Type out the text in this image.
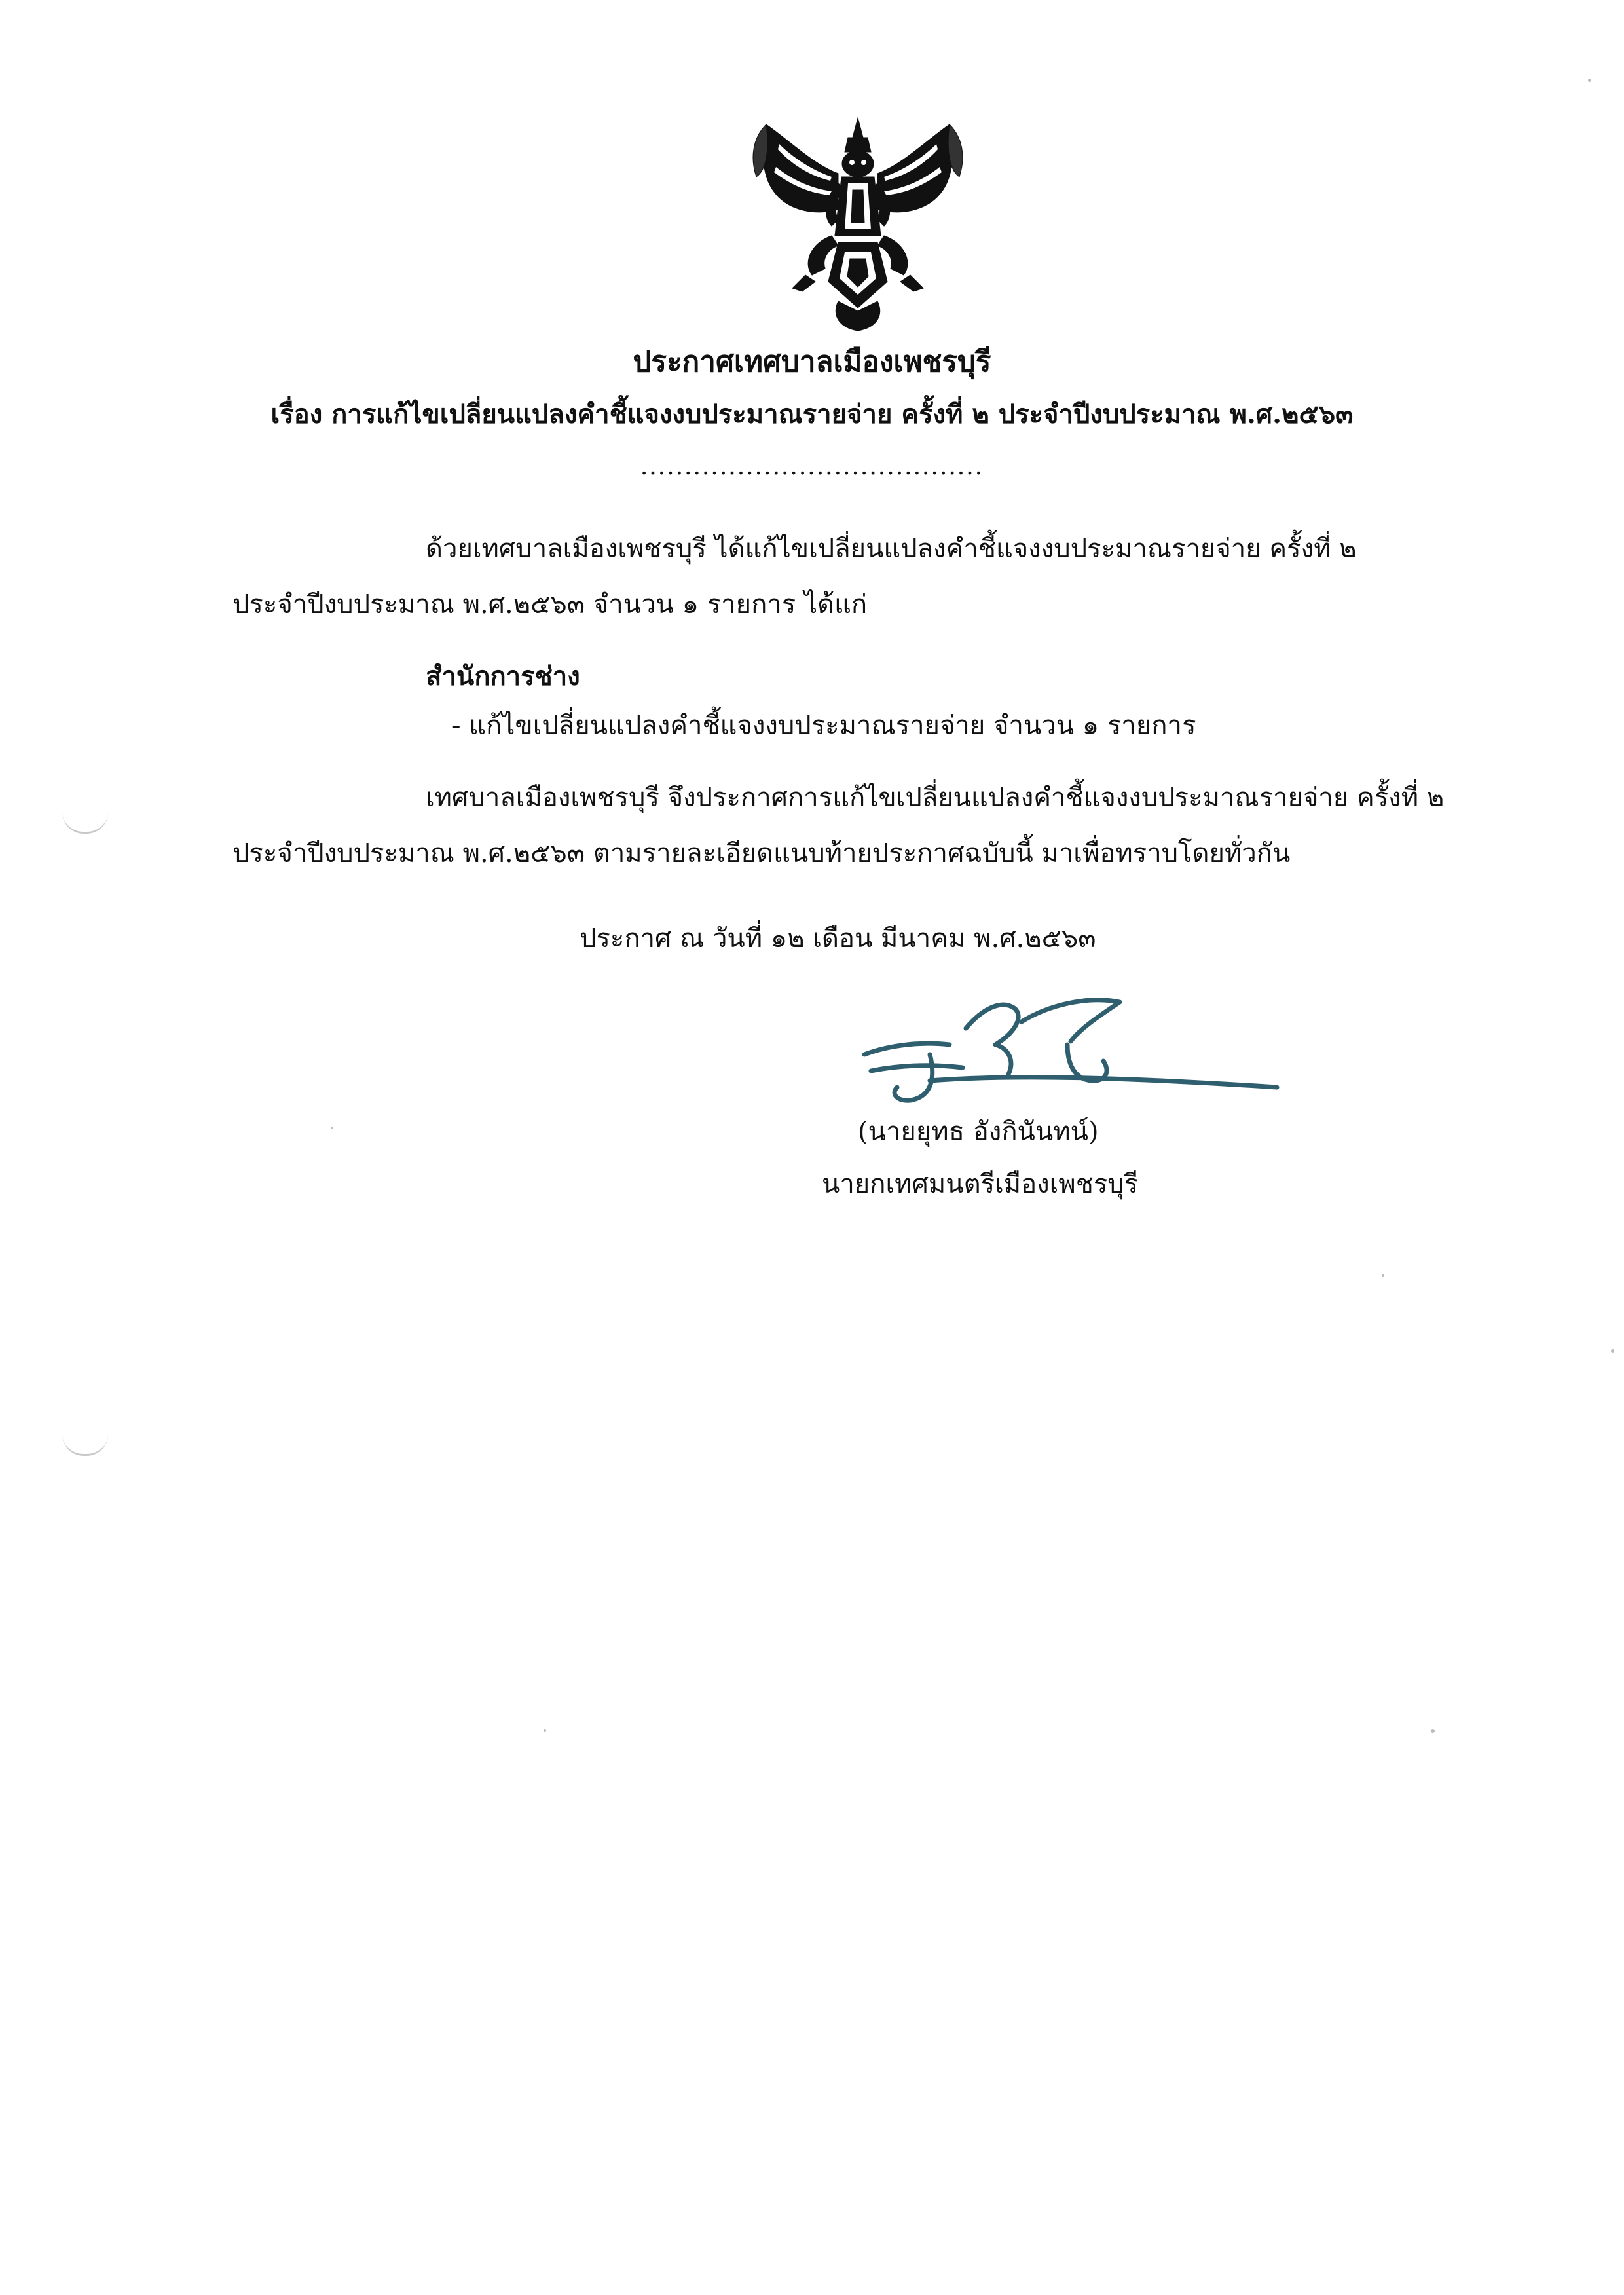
ประกาศเทศบาลเมืองเพชรบุรี
เรื่อง การแก้ไขเปลี่ยนแปลงคำชี้แจงงบประมาณรายจ่าย ครั้งที่ ๒ ประจำปีงบประมาณ พ.ศ.๒๕๖๓
.......................................
ด้วยเทศบาลเมืองเพชรบุรี ได้แก้ไขเปลี่ยนแปลงคำชี้แจงงบประมาณรายจ่าย ครั้งที่ ๒
ประจำปีงบประมาณ พ.ศ.๒๕๖๓ จำนวน ๑ รายการ ได้แก่
สำนักการช่าง
- แก้ไขเปลี่ยนแปลงคำชี้แจงงบประมาณรายจ่าย จำนวน ๑ รายการ
เทศบาลเมืองเพชรบุรี จึงประกาศการแก้ไขเปลี่ยนแปลงคำชี้แจงงบประมาณรายจ่าย ครั้งที่ ๒
ประจำปีงบประมาณ พ.ศ.๒๕๖๓ ตามรายละเอียดแนบท้ายประกาศฉบับนี้ มาเพื่อทราบโดยทั่วกัน
ประกาศ ณ วันที่ ๑๒ เดือน มีนาคม พ.ศ.๒๕๖๓
(นายยุทธ อังกินันทน์)
นายกเทศมนตรีเมืองเพชรบุรี
